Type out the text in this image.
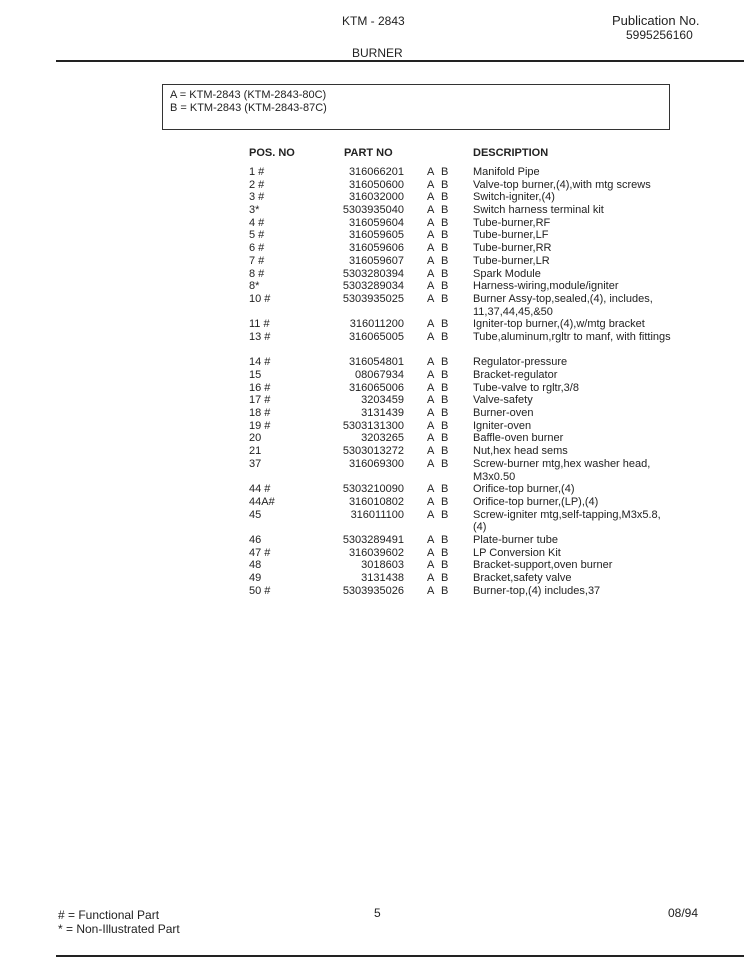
KTM - 2843
BURNER
Publication No.
5995256160
A = KTM-2843 (KTM-2843-80C)
B = KTM-2843 (KTM-2843-87C)
POS. NO	PART NO	DESCRIPTION
1 #	316066201 A B Manifold Pipe
2 #	316050600 A B Valve-top burner,(4),with mtg screws
3 #	316032000 A B Switch-igniter,(4)
3*	5303935040 A B Switch harness terminal kit
4 #	316059604 A B Tube-burner,RF
5 #	316059605 A B Tube-burner,LF
6 #	316059606 A B Tube-burner,RR
7 #	316059607 A B Tube-burner,LR
8 #	5303280394 A B Spark Module
8*	5303289034 A B Harness-wiring,module/igniter
10 #	5303935025 A B Burner Assy-top,sealed,(4), includes, 11,37,44,45,&50
11 #	316011200 A B Igniter-top burner,(4),w/mtg bracket
13 #	316065005 A B Tube,aluminum,rgltr to manf, with fittings
14 #	316054801 A B Regulator-pressure
15	08067934 A B Bracket-regulator
16 #	316065006 A B Tube-valve to rgltr,3/8
17 #	3203459 A B Valve-safety
18 #	3131439 A B Burner-oven
19 #	5303131300 A B Igniter-oven
20	3203265 A B Baffle-oven burner
21	5303013272 A B Nut,hex head sems
37	316069300 A B Screw-burner mtg,hex washer head, M3x0.50
44 #	5303210090 A B Orifice-top burner,(4)
44A#	316010802 A B Orifice-top burner,(LP),(4)
45	316011100 A B Screw-igniter mtg,self-tapping,M3x5.8, (4)
46	5303289491 A B Plate-burner tube
47 #	316039602 A B LP Conversion Kit
48	3018603 A B Bracket-support,oven burner
49	3131438 A B Bracket,safety valve
50 #	5303935026 A B Burner-top,(4) includes,37
# = Functional Part
* = Non-Illustrated Part
5	08/94
